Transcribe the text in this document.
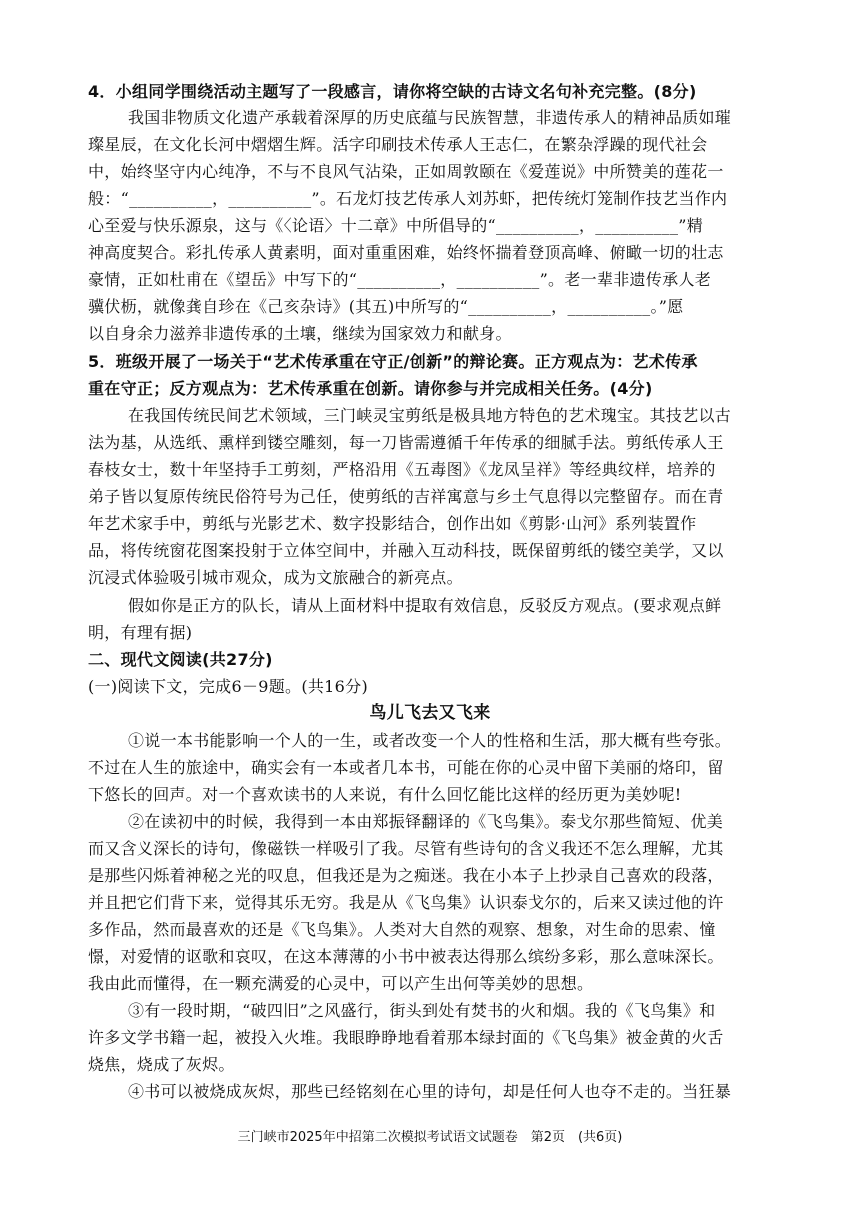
4．小组同学围绕活动主题写了一段感言，请你将空缺的古诗文名句补充完整。(8分)
我国非物质文化遗产承载着深厚的历史底蕴与民族智慧，非遗传承人的精神品质如璀
璨星辰，在文化长河中熠熠生辉。活字印刷技术传承人王志仁，在繁杂浮躁的现代社会
中，始终坚守内心纯净，不与不良风气沾染，正如周敦颐在《爱莲说》中所赞美的莲花一
般：“__________，__________”。石龙灯技艺传承人刘苏虾，把传统灯笼制作技艺当作内
心至爱与快乐源泉，这与《〈论语〉十二章》中所倡导的“__________，__________”精
神高度契合。彩扎传承人黄素明，面对重重困难，始终怀揣着登顶高峰、俯瞰一切的壮志
豪情，正如杜甫在《望岳》中写下的“__________，__________”。老一辈非遗传承人老
骥伏枥，就像龚自珍在《己亥杂诗》(其五)中所写的“__________，__________。”愿
以自身余力滋养非遗传承的土壤，继续为国家效力和献身。
5．班级开展了一场关于“艺术传承重在守正/创新”的辩论赛。正方观点为：艺术传承
重在守正；反方观点为：艺术传承重在创新。请你参与并完成相关任务。(4分)
在我国传统民间艺术领域，三门峡灵宝剪纸是极具地方特色的艺术瑰宝。其技艺以古
法为基，从选纸、熏样到镂空雕刻，每一刀皆需遵循千年传承的细腻手法。剪纸传承人王
春枝女士，数十年坚持手工剪刻，严格沿用《五毒图》《龙凤呈祥》等经典纹样，培养的
弟子皆以复原传统民俗符号为己任，使剪纸的吉祥寓意与乡土气息得以完整留存。而在青
年艺术家手中，剪纸与光影艺术、数字投影结合，创作出如《剪影·山河》系列装置作
品，将传统窗花图案投射于立体空间中，并融入互动科技，既保留剪纸的镂空美学，又以
沉浸式体验吸引城市观众，成为文旅融合的新亮点。
假如你是正方的队长，请从上面材料中提取有效信息，反驳反方观点。(要求观点鲜
明，有理有据)
二、现代文阅读(共27分)
(一)阅读下文，完成6－9题。(共16分)
鸟儿飞去又飞来
①说一本书能影响一个人的一生，或者改变一个人的性格和生活，那大概有些夸张。
不过在人生的旅途中，确实会有一本或者几本书，可能在你的心灵中留下美丽的烙印，留
下悠长的回声。对一个喜欢读书的人来说，有什么回忆能比这样的经历更为美妙呢!
②在读初中的时候，我得到一本由郑振铎翻译的《飞鸟集》。泰戈尔那些简短、优美
而又含义深长的诗句，像磁铁一样吸引了我。尽管有些诗句的含义我还不怎么理解，尤其
是那些闪烁着神秘之光的叹息，但我还是为之痴迷。我在小本子上抄录自己喜欢的段落，
并且把它们背下来，觉得其乐无穷。我是从《飞鸟集》认识泰戈尔的，后来又读过他的许
多作品，然而最喜欢的还是《飞鸟集》。人类对大自然的观察、想象，对生命的思索、憧
憬，对爱情的讴歌和哀叹，在这本薄薄的小书中被表达得那么缤纷多彩，那么意味深长。
我由此而懂得，在一颗充满爱的心灵中，可以产生出何等美妙的思想。
③有一段时期，“破四旧”之风盛行，街头到处有焚书的火和烟。我的《飞鸟集》和
许多文学书籍一起，被投入火堆。我眼睁睁地看着那本绿封面的《飞鸟集》被金黄的火舌
烧焦，烧成了灰烬。
④书可以被烧成灰烬，那些已经铭刻在心里的诗句，却是任何人也夺不走的。当狂暴
三门峡市2025年中招第二次模拟考试语文试题卷　第2页　(共6页)
